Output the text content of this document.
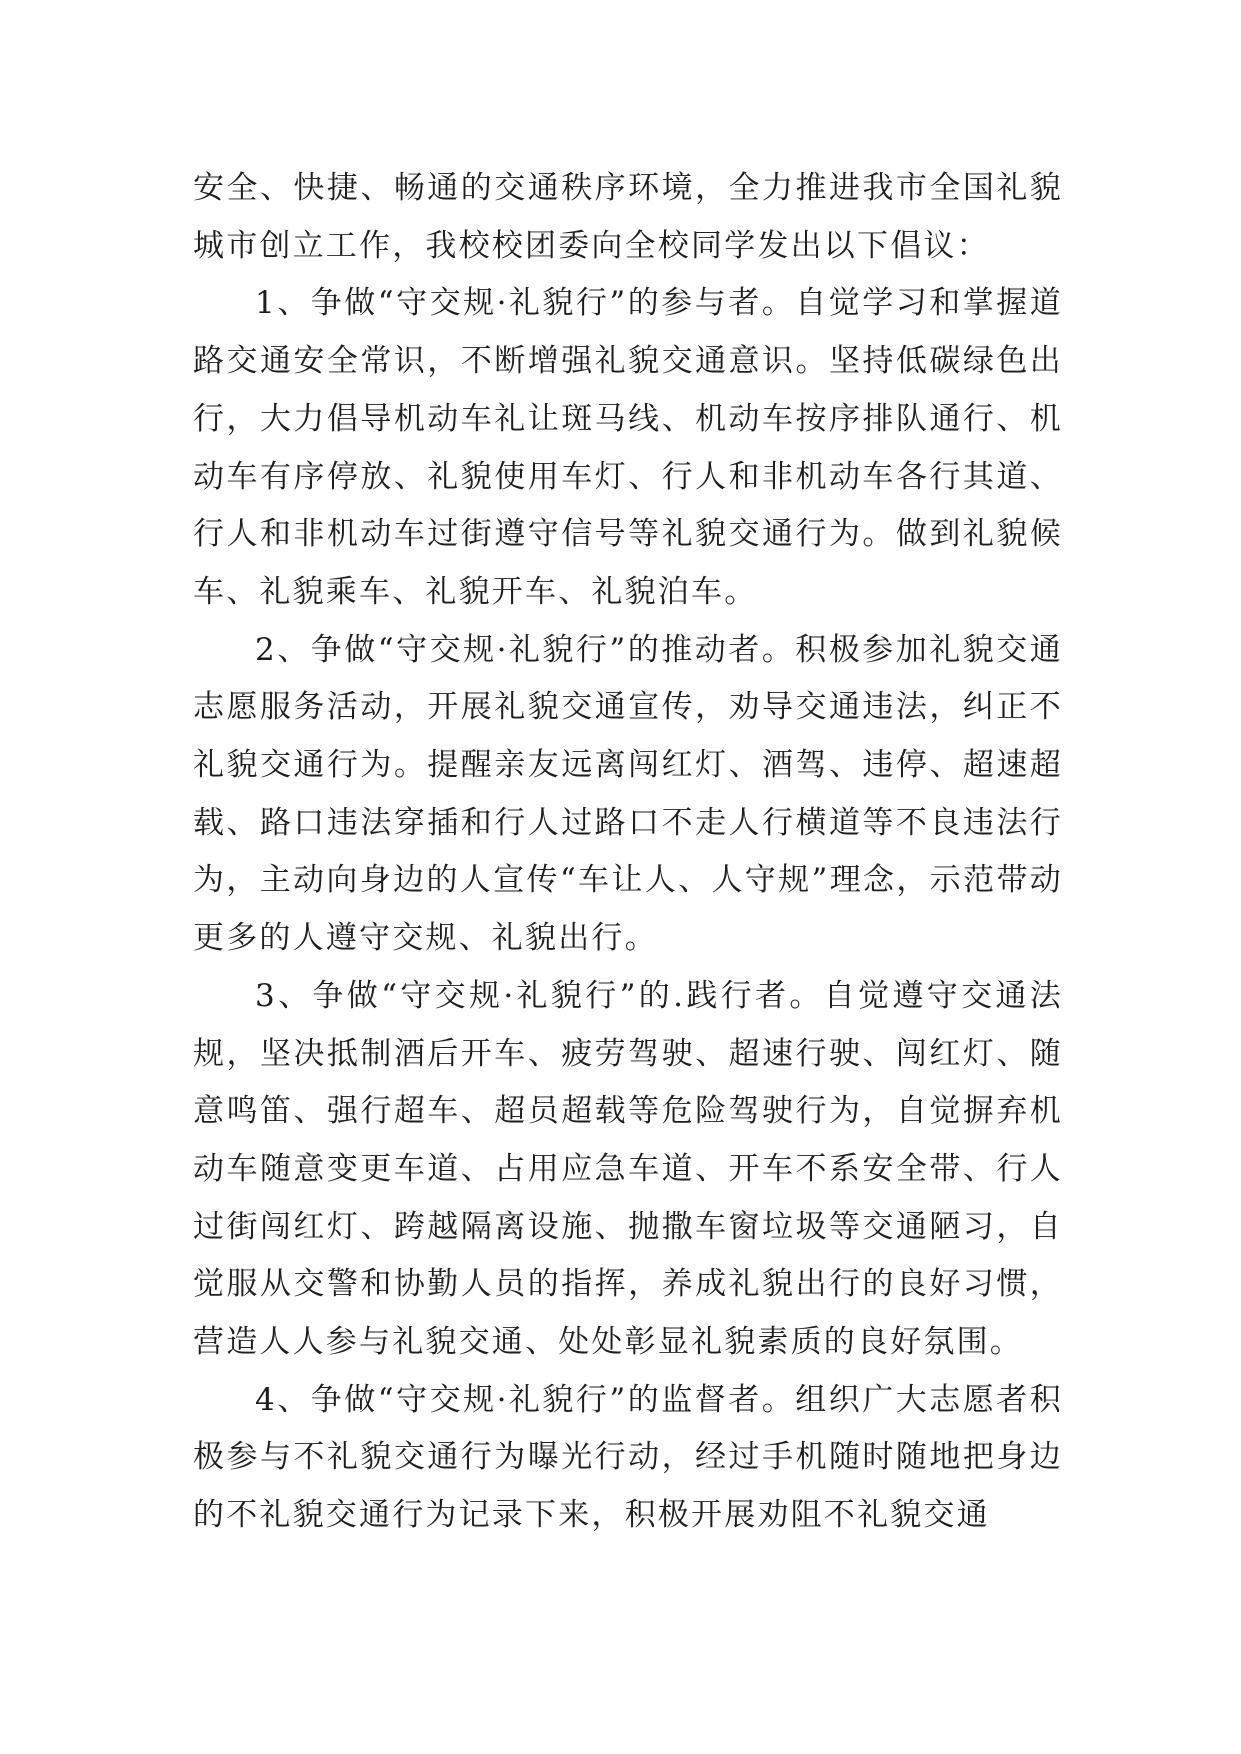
安全、快捷、畅通的交通秩序环境，全力推进我市全国礼貌城市创立工作，我校校团委向全校同学发出以下倡议：

1、争做“守交规·礼貌行”的参与者。自觉学习和掌握道路交通安全常识，不断增强礼貌交通意识。坚持低碳绿色出行，大力倡导机动车礼让斑马线、机动车按序排队通行、机动车有序停放、礼貌使用车灯、行人和非机动车各行其道、行人和非机动车过街遵守信号等礼貌交通行为。做到礼貌候车、礼貌乘车、礼貌开车、礼貌泊车。

2、争做“守交规·礼貌行”的推动者。积极参加礼貌交通志愿服务活动，开展礼貌交通宣传，劝导交通违法，纠正不礼貌交通行为。提醒亲友远离闯红灯、酒驾、违停、超速超载、路口违法穿插和行人过路口不走人行横道等不良违法行为，主动向身边的人宣传“车让人、人守规”理念，示范带动更多的人遵守交规、礼貌出行。

3、争做“守交规·礼貌行”的.践行者。自觉遵守交通法规，坚决抵制酒后开车、疲劳驾驶、超速行驶、闯红灯、随意鸣笛、强行超车、超员超载等危险驾驶行为，自觉摒弃机动车随意变更车道、占用应急车道、开车不系安全带、行人过街闯红灯、跨越隔离设施、抛撒车窗垃圾等交通陋习，自觉服从交警和协勤人员的指挥，养成礼貌出行的良好习惯，营造人人参与礼貌交通、处处彰显礼貌素质的良好氛围。

4、争做“守交规·礼貌行”的监督者。组织广大志愿者积极参与不礼貌交通行为曝光行动，经过手机随时随地把身边的不礼貌交通行为记录下来，积极开展劝阻不礼貌交通
